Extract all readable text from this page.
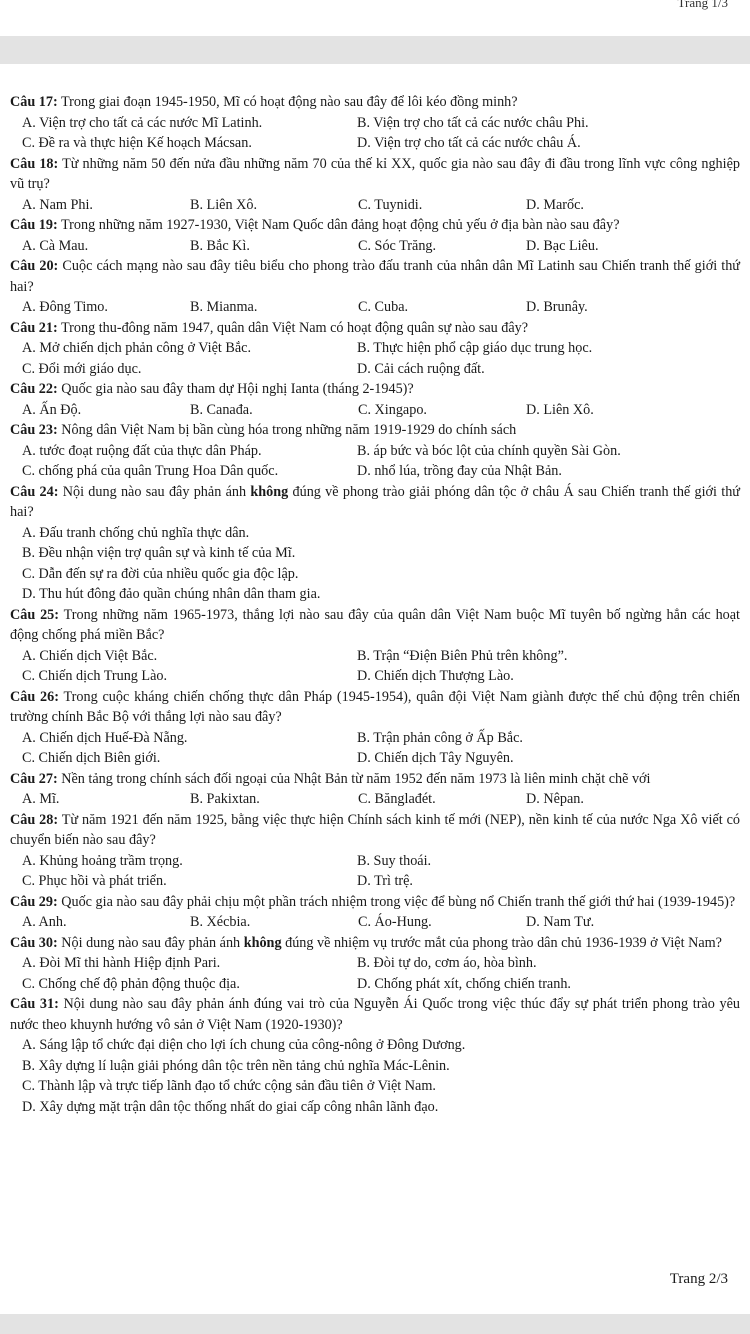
Trang 1/3

Câu 17: Trong giai đoạn 1945-1950, Mĩ có hoạt động nào sau đây để lôi kéo đồng minh?

A. Viện trợ cho tất cả các nước Mĩ Latinh.	B. Viện trợ cho tất cả các nước châu Phi.
C. Đề ra và thực hiện Kế hoạch Mácsan.	D. Viện trợ cho tất cả các nước châu Á.

Câu 18: Từ những năm 50 đến nửa đầu những năm 70 của thế kỉ XX, quốc gia nào sau đây đi đầu trong lĩnh vực công nghiệp vũ trụ?

A. Nam Phi.	B. Liên Xô.	C. Tuynidi.	D. Marốc.

Câu 19: Trong những năm 1927-1930, Việt Nam Quốc dân đảng hoạt động chủ yếu ở địa bàn nào sau đây?

A. Cà Mau.	B. Bắc Kì.	C. Sóc Trăng.	D. Bạc Liêu.

Câu 20: Cuộc cách mạng nào sau đây tiêu biểu cho phong trào đấu tranh của nhân dân Mĩ Latinh sau Chiến tranh thế giới thứ hai?

A. Đông Timo.	B. Mianma.	C. Cuba.	D. Brunây.

Câu 21: Trong thu-đông năm 1947, quân dân Việt Nam có hoạt động quân sự nào sau đây?

A. Mở chiến dịch phản công ở Việt Bắc.	B. Thực hiện phổ cập giáo dục trung học.
C. Đổi mới giáo dục.	D. Cải cách ruộng đất.

Câu 22: Quốc gia nào sau đây tham dự Hội nghị Ianta (tháng 2-1945)?

A. Ấn Độ.	B. Canađa.	C. Xingapo.	D. Liên Xô.

Câu 23: Nông dân Việt Nam bị bần cùng hóa trong những năm 1919-1929 do chính sách

A. tước đoạt ruộng đất của thực dân Pháp.	B. áp bức và bóc lột của chính quyền Sài Gòn.
C. chống phá của quân Trung Hoa Dân quốc.	D. nhổ lúa, trồng đay của Nhật Bản.

Câu 24: Nội dung nào sau đây phản ánh không đúng về phong trào giải phóng dân tộc ở châu Á sau Chiến tranh thế giới thứ hai?

A. Đấu tranh chống chủ nghĩa thực dân.
B. Đều nhận viện trợ quân sự và kinh tế của Mĩ.
C. Dẫn đến sự ra đời của nhiều quốc gia độc lập.
D. Thu hút đông đảo quần chúng nhân dân tham gia.

Câu 25: Trong những năm 1965-1973, thắng lợi nào sau đây của quân dân Việt Nam buộc Mĩ tuyên bố ngừng hẳn các hoạt động chống phá miền Bắc?

A. Chiến dịch Việt Bắc.	B. Trận “Điện Biên Phủ trên không”.
C. Chiến dịch Trung Lào.	D. Chiến dịch Thượng Lào.

Câu 26: Trong cuộc kháng chiến chống thực dân Pháp (1945-1954), quân đội Việt Nam giành được thế chủ động trên chiến trường chính Bắc Bộ với thắng lợi nào sau đây?

A. Chiến dịch Huế-Đà Nẵng.	B. Trận phản công ở Ấp Bắc.
C. Chiến dịch Biên giới.	D. Chiến dịch Tây Nguyên.

Câu 27: Nền tảng trong chính sách đối ngoại của Nhật Bản từ năm 1952 đến năm 1973 là liên minh chặt chẽ với

A. Mĩ.	B. Pakixtan.	C. Bănglađét.	D. Nêpan.

Câu 28: Từ năm 1921 đến năm 1925, bằng việc thực hiện Chính sách kinh tế mới (NEP), nền kinh tế của nước Nga Xô viết có chuyển biến nào sau đây?

A. Khủng hoảng trầm trọng.	B. Suy thoái.
C. Phục hồi và phát triển.	D. Trì trệ.

Câu 29: Quốc gia nào sau đây phải chịu một phần trách nhiệm trong việc để bùng nổ Chiến tranh thế giới thứ hai (1939-1945)?

A. Anh.	B. Xécbia.	C. Áo-Hung.	D. Nam Tư.

Câu 30: Nội dung nào sau đây phản ánh không đúng về nhiệm vụ trước mắt của phong trào dân chủ 1936-1939 ở Việt Nam?

A. Đòi Mĩ thi hành Hiệp định Pari.	B. Đòi tự do, cơm áo, hòa bình.
C. Chống chế độ phản động thuộc địa.	D. Chống phát xít, chống chiến tranh.

Câu 31: Nội dung nào sau đây phản ánh đúng vai trò của Nguyễn Ái Quốc trong việc thúc đẩy sự phát triển phong trào yêu nước theo khuynh hướng vô sản ở Việt Nam (1920-1930)?

A. Sáng lập tổ chức đại diện cho lợi ích chung của công-nông ở Đông Dương.
B. Xây dựng lí luận giải phóng dân tộc trên nền tảng chủ nghĩa Mác-Lênin.
C. Thành lập và trực tiếp lãnh đạo tổ chức cộng sản đầu tiên ở Việt Nam.
D. Xây dựng mặt trận dân tộc thống nhất do giai cấp công nhân lãnh đạo.
Trang 2/3
